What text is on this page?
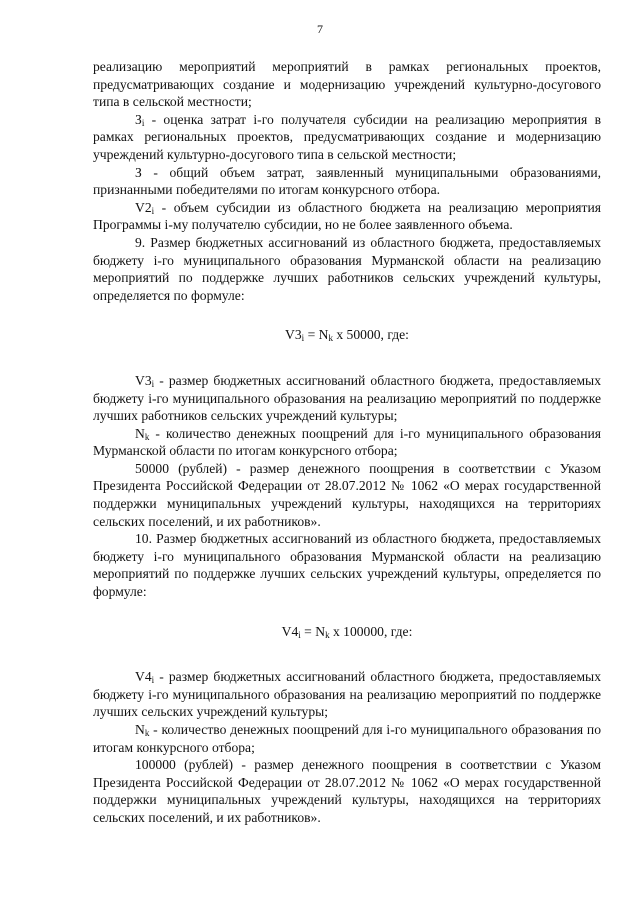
7

реализацию мероприятий мероприятий в рамках региональных проектов, предусматривающих создание и модернизацию учреждений культурно-досугового типа в сельской местности;

$З_i$ - оценка затрат i-го получателя субсидии на реализацию мероприятия в рамках региональных проектов, предусматривающих создание и модернизацию учреждений культурно-досугового типа в сельской местности;

З - общий объем затрат, заявленный муниципальными образованиями, признанными победителями по итогам конкурсного отбора.

$V2_i$ - объем субсидии из областного бюджета на реализацию мероприятия Программы i-му получателю субсидии, но не более заявленного объема.

9. Размер бюджетных ассигнований из областного бюджета, предоставляемых бюджету i-го муниципального образования Мурманской области на реализацию мероприятий по поддержке лучших работников сельских учреждений культуры, определяется по формуле:

$V3_i = N_k$ х 50000, где:

$V3_i$ - размер бюджетных ассигнований областного бюджета, предоставляемых бюджету i-го муниципального образования на реализацию мероприятий по поддержке лучших работников сельских учреждений культуры;

$N_k$ - количество денежных поощрений для i-го муниципального образования Мурманской области по итогам конкурсного отбора;

50000 (рублей) - размер денежного поощрения в соответствии с Указом Президента Российской Федерации от 28.07.2012 № 1062 «О мерах государственной поддержки муниципальных учреждений культуры, находящихся на территориях сельских поселений, и их работников».

10. Размер бюджетных ассигнований из областного бюджета, предоставляемых бюджету i-го муниципального образования Мурманской области на реализацию мероприятий по поддержке лучших сельских учреждений культуры, определяется по формуле:

$V4_i = N_k$ х 100000, где:

$V4_i$ - размер бюджетных ассигнований областного бюджета, предоставляемых бюджету i-го муниципального образования на реализацию мероприятий по поддержке лучших сельских учреждений культуры;

$N_k$ - количество денежных поощрений для i-го муниципального образования по итогам конкурсного отбора;

100000 (рублей) - размер денежного поощрения в соответствии с Указом Президента Российской Федерации от 28.07.2012 № 1062 «О мерах государственной поддержки муниципальных учреждений культуры, находящихся на территориях сельских поселений, и их работников».
